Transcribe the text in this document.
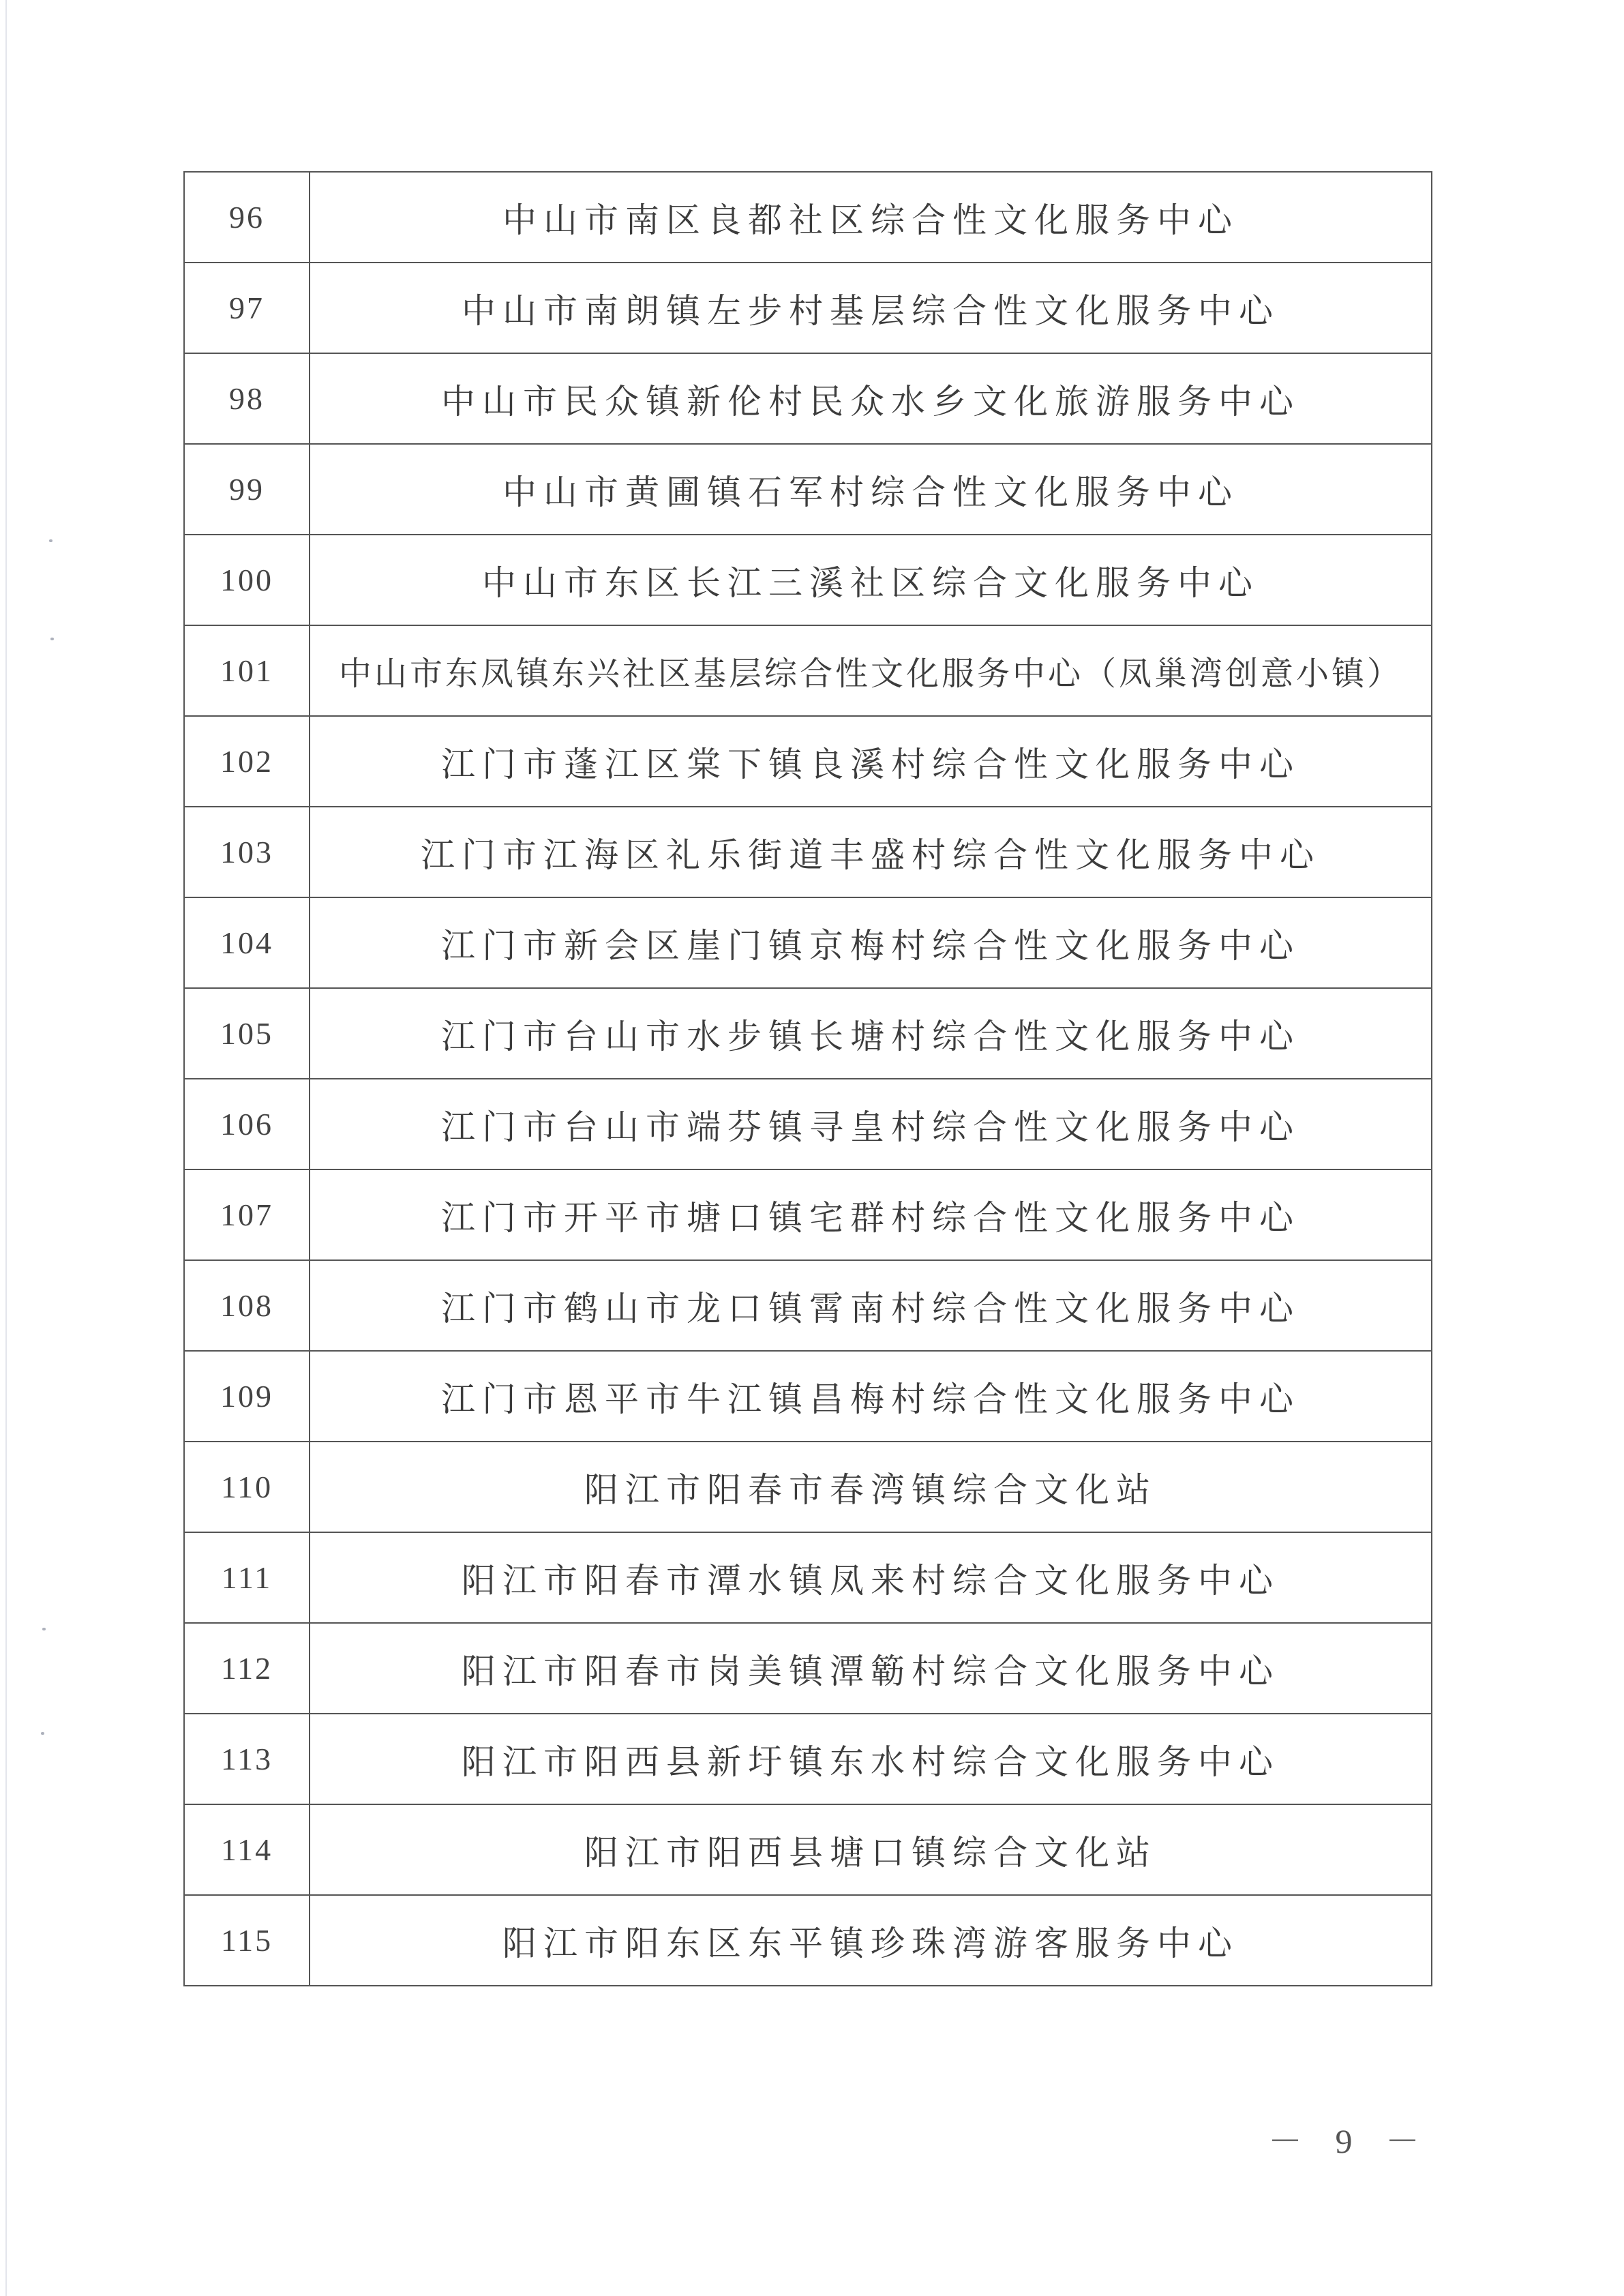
96	中山市南区良都社区综合性文化服务中心
97	中山市南朗镇左步村基层综合性文化服务中心
98	中山市民众镇新伦村民众水乡文化旅游服务中心
99	中山市黄圃镇石军村综合性文化服务中心
100	中山市东区长江三溪社区综合文化服务中心
101	中山市东凤镇东兴社区基层综合性文化服务中心（凤巢湾创意小镇）
102	江门市蓬江区棠下镇良溪村综合性文化服务中心
103	江门市江海区礼乐街道丰盛村综合性文化服务中心
104	江门市新会区崖门镇京梅村综合性文化服务中心
105	江门市台山市水步镇长塘村综合性文化服务中心
106	江门市台山市端芬镇寻皇村综合性文化服务中心
107	江门市开平市塘口镇宅群村综合性文化服务中心
108	江门市鹤山市龙口镇霄南村综合性文化服务中心
109	江门市恩平市牛江镇昌梅村综合性文化服务中心
110	阳江市阳春市春湾镇综合文化站
111	阳江市阳春市潭水镇凤来村综合文化服务中心
112	阳江市阳春市岗美镇潭簕村综合文化服务中心
113	阳江市阳西县新圩镇东水村综合文化服务中心
114	阳江市阳西县塘口镇综合文化站
115	阳江市阳东区东平镇珍珠湾游客服务中心
－ 9 －
